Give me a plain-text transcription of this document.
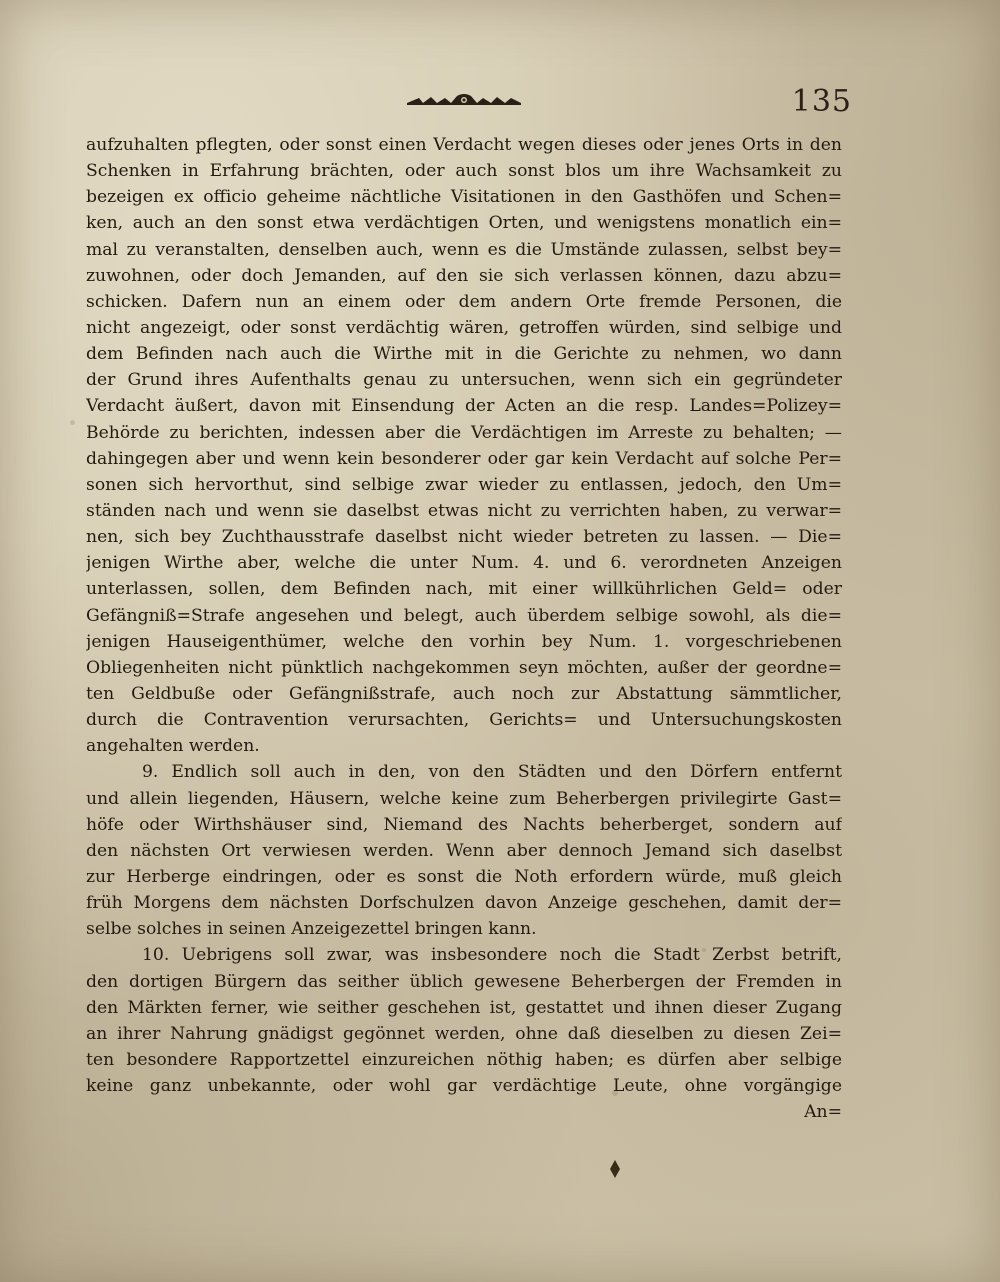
135
aufzuhalten pflegten, oder sonst einen Verdacht wegen dieses oder jenes Orts in den
Schenken in Erfahrung brächten, oder auch sonst blos um ihre Wachsamkeit zu
bezeigen ex officio geheime nächtliche Visitationen in den Gasthöfen und Schen=
ken, auch an den sonst etwa verdächtigen Orten, und wenigstens monatlich ein=
mal zu veranstalten, denselben auch, wenn es die Umstände zulassen, selbst bey=
zuwohnen, oder doch Jemanden, auf den sie sich verlassen können, dazu abzu=
schicken. Dafern nun an einem oder dem andern Orte fremde Personen, die
nicht angezeigt, oder sonst verdächtig wären, getroffen würden, sind selbige und
dem Befinden nach auch die Wirthe mit in die Gerichte zu nehmen, wo dann
der Grund ihres Aufenthalts genau zu untersuchen, wenn sich ein gegründeter
Verdacht äußert, davon mit Einsendung der Acten an die resp. Landes=Polizey=
Behörde zu berichten, indessen aber die Verdächtigen im Arreste zu behalten; —
dahingegen aber und wenn kein besonderer oder gar kein Verdacht auf solche Per=
sonen sich hervorthut, sind selbige zwar wieder zu entlassen, jedoch, den Um=
ständen nach und wenn sie daselbst etwas nicht zu verrichten haben, zu verwar=
nen, sich bey Zuchthausstrafe daselbst nicht wieder betreten zu lassen. — Die=
jenigen Wirthe aber, welche die unter Num. 4. und 6. verordneten Anzeigen
unterlassen, sollen, dem Befinden nach, mit einer willkührlichen Geld= oder
Gefängniß=Strafe angesehen und belegt, auch überdem selbige sowohl, als die=
jenigen Hauseigenthümer, welche den vorhin bey Num. 1. vorgeschriebenen
Obliegenheiten nicht pünktlich nachgekommen seyn möchten, außer der geordne=
ten Geldbuße oder Gefängnißstrafe, auch noch zur Abstattung sämmtlicher,
durch die Contravention verursachten, Gerichts= und Untersuchungskosten
angehalten werden.
9. Endlich soll auch in den, von den Städten und den Dörfern entfernt
und allein liegenden, Häusern, welche keine zum Beherbergen privilegirte Gast=
höfe oder Wirthshäuser sind, Niemand des Nachts beherberget, sondern auf
den nächsten Ort verwiesen werden. Wenn aber dennoch Jemand sich daselbst
zur Herberge eindringen, oder es sonst die Noth erfordern würde, muß gleich
früh Morgens dem nächsten Dorfschulzen davon Anzeige geschehen, damit der=
selbe solches in seinen Anzeigezettel bringen kann.
10. Uebrigens soll zwar, was insbesondere noch die Stadt Zerbst betrift,
den dortigen Bürgern das seither üblich gewesene Beherbergen der Fremden in
den Märkten ferner, wie seither geschehen ist, gestattet und ihnen dieser Zugang
an ihrer Nahrung gnädigst gegönnet werden, ohne daß dieselben zu diesen Zei=
ten besondere Rapportzettel einzureichen nöthig haben; es dürfen aber selbige
keine ganz unbekannte, oder wohl gar verdächtige Leute, ohne vorgängige
An=
